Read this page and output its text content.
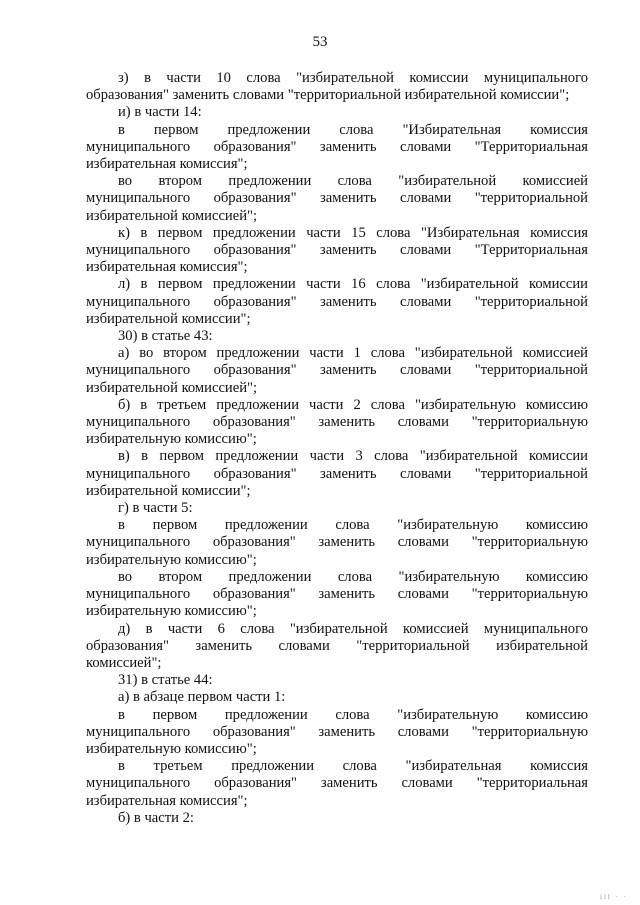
53
з) в части 10 слова "избирательной комиссии муниципального
образования" заменить словами "территориальной избирательной комиссии";
и) в части 14:
в первом предложении слова "Избирательная комиссия
муниципального образования" заменить словами "Территориальная
избирательная комиссия";
во втором предложении слова "избирательной комиссией
муниципального образования" заменить словами "территориальной
избирательной комиссией";
к) в первом предложении части 15 слова "Избирательная комиссия
муниципального образования" заменить словами "Территориальная
избирательная комиссия";
л) в первом предложении части 16 слова "избирательной комиссии
муниципального образования" заменить словами "территориальной
избирательной комиссии";
30) в статье 43:
а) во втором предложении части 1 слова "избирательной комиссией
муниципального образования" заменить словами "территориальной
избирательной комиссией";
б) в третьем предложении части 2 слова "избирательную комиссию
муниципального образования" заменить словами "территориальную
избирательную комиссию";
в) в первом предложении части 3 слова "избирательной комиссии
муниципального образования" заменить словами "территориальной
избирательной комиссии";
г) в части 5:
в первом предложении слова "избирательную комиссию
муниципального образования" заменить словами "территориальную
избирательную комиссию";
во втором предложении слова "избирательную комиссию
муниципального образования" заменить словами "территориальную
избирательную комиссию";
д) в части 6 слова "избирательной комиссией муниципального
образования" заменить словами "территориальной избирательной
комиссией";
31) в статье 44:
а) в абзаце первом части 1:
в первом предложении слова "избирательную комиссию
муниципального образования" заменить словами "территориальную
избирательную комиссию";
в третьем предложении слова "избирательная комиссия
муниципального образования" заменить словами "территориальная
избирательная комиссия";
б) в части 2:
ill · ·
